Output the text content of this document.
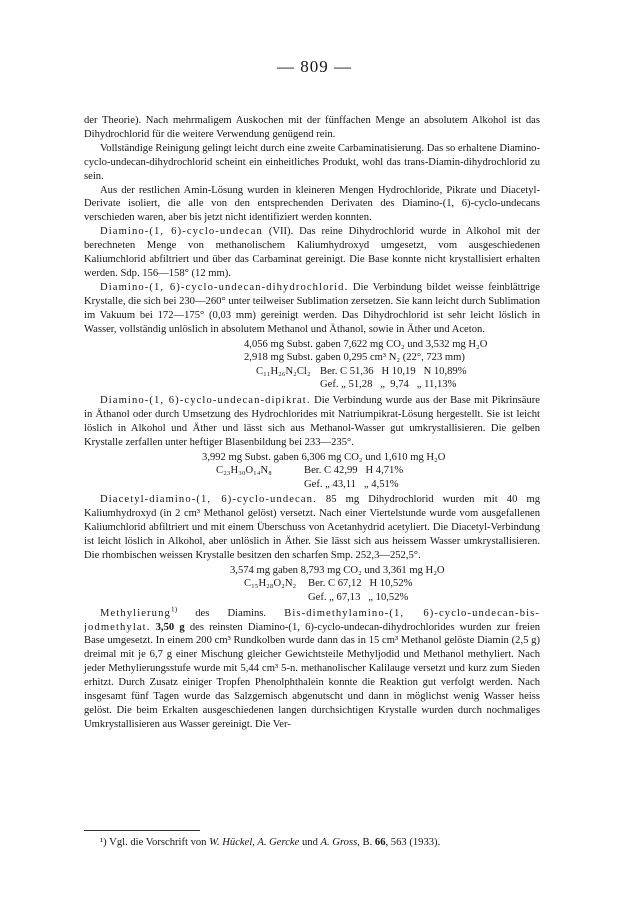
— 809 —

der Theorie). Nach mehrmaligem Auskochen mit der fünffachen Menge an absolutem Alkohol ist das Dihydrochlorid für die weitere Verwendung genügend rein.

Vollständige Reinigung gelingt leicht durch eine zweite Carbaminatisierung. Das so erhaltene Diamino-cyclo-undecan-dihydrochlorid scheint ein einheitliches Produkt, wohl das trans-Diamin-dihydrochlorid zu sein.

Aus der restlichen Amin-Lösung wurden in kleineren Mengen Hydrochloride, Pikrate und Diacetyl-Derivate isoliert, die alle von den entsprechenden Derivaten des Diamino-(1, 6)-cyclo-undecans verschieden waren, aber bis jetzt nicht identifiziert werden konnten.

Diamino-(1, 6)-cyclo-undecan (VII). Das reine Dihydrochlorid wurde in Alkohol mit der berechneten Menge von methanolischem Kaliumhydroxyd umgesetzt, vom ausgeschiedenen Kaliumchlorid abfiltriert und über das Carbaminat gereinigt. Die Base konnte nicht krystallisiert erhalten werden. Sdp. 156—158° (12 mm).

Diamino-(1, 6)-cyclo-undecan-dihydrochlorid. Die Verbindung bildet weisse feinblättrige Krystalle, die sich bei 230—260° unter teilweiser Sublimation zersetzen. Sie kann leicht durch Sublimation im Vakuum bei 172—175° (0,03 mm) gereinigt werden. Das Dihydrochlorid ist sehr leicht löslich in Wasser, vollständig unlöslich in absolutem Methanol und Äthanol, sowie in Äther und Aceton.

4,056 mg Subst. gaben 7,622 mg CO₂ und 3,532 mg H₂O
2,918 mg Subst. gaben 0,295 cm³ N₂ (22°, 723 mm)
C₁₁H₂₆N₂Cl₂ Ber. C 51,36   H 10,19   N 10,89%
Gef. „ 51,28   „  9,74   „ 11,13%

Diamino-(1, 6)-cyclo-undecan-dipikrat. Die Verbindung wurde aus der Base mit Pikrinsäure in Äthanol oder durch Umsetzung des Hydrochlorides mit Natriumpikrat-Lösung hergestellt. Sie ist leicht löslich in Alkohol und Äther und lässt sich aus Methanol-Wasser gut umkrystallisieren. Die gelben Krystalle zerfallen unter heftiger Blasenbildung bei 233—235°.

3,992 mg Subst. gaben 6,306 mg CO₂ und 1,610 mg H₂O
C₂₃H₃₀O₁₄N₈	Ber. C 42,99   H 4,71%
Gef. „ 43,11   „ 4,51%

Diacetyl-diamino-(1, 6)-cyclo-undecan. 85 mg Dihydrochlorid wurden mit 40 mg Kaliumhydroxyd (in 2 cm³ Methanol gelöst) versetzt. Nach einer Viertelstunde wurde vom ausgefallenen Kaliumchlorid abfiltriert und mit einem Überschuss von Acetanhydrid acetyliert. Die Diacetyl-Verbindung ist leicht löslich in Alkohol, aber unlöslich in Äther. Sie lässt sich aus heissem Wasser umkrystallisieren. Die rhombischen weissen Krystalle besitzen den scharfen Smp. 252,3—252,5°.

3,574 mg gaben 8,793 mg CO₂ und 3,361 mg H₂O
C₁₅H₂₈O₂N₂ Ber. C 67,12   H 10,52%
Gef. „ 67,13   „ 10,52%

Methylierung$^{1)}$ des Diamins. Bis-dimethylamino-(1, 6)-cyclo-undecan-bis-jodmethylat. 3,50 g des reinsten Diamino-(1, 6)-cyclo-undecan-dihydrochlorides wurden zur freien Base umgesetzt. In einem 200 cm³ Rundkolben wurde dann das in 15 cm³ Methanol gelöste Diamin (2,5 g) dreimal mit je 6,7 g einer Mischung gleicher Gewichtsteile Methyljodid und Methanol methyliert. Nach jeder Methylierungsstufe wurde mit 5,44 cm³ 5-n. methanolischer Kalilauge versetzt und kurz zum Sieden erhitzt. Durch Zusatz einiger Tropfen Phenolphthalein konnte die Reaktion gut verfolgt werden. Nach insgesamt fünf Tagen wurde das Salzgemisch abgenutscht und dann in möglichst wenig Wasser heiss gelöst. Die beim Erkalten ausgeschiedenen langen durchsichtigen Krystalle wurden durch nochmaliges Umkrystallisieren aus Wasser gereinigt. Die Ver-

¹) Vgl. die Vorschrift von W. Hückel, A. Gercke und A. Gross, B. 66, 563 (1933).
